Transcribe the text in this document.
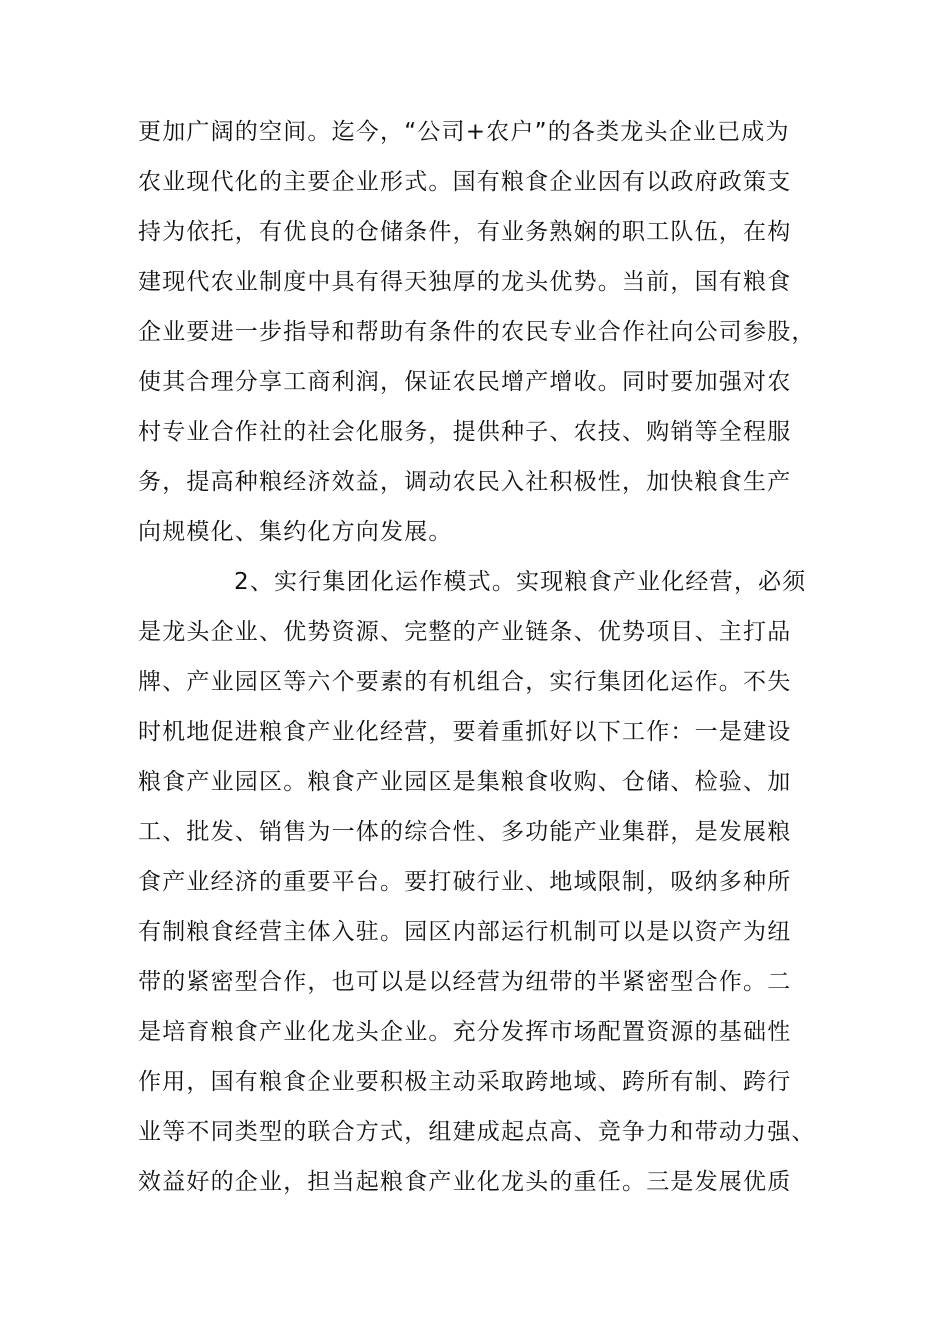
更加广阔的空间。迄今，“公司+农户”的各类龙头企业已成为
农业现代化的主要企业形式。国有粮食企业因有以政府政策支
持为依托，有优良的仓储条件，有业务熟娴的职工队伍，在构
建现代农业制度中具有得天独厚的龙头优势。当前，国有粮食
企业要进一步指导和帮助有条件的农民专业合作社向公司参股，
使其合理分享工商利润，保证农民增产增收。同时要加强对农
村专业合作社的社会化服务，提供种子、农技、购销等全程服
务，提高种粮经济效益，调动农民入社积极性，加快粮食生产
向规模化、集约化方向发展。
2、实行集团化运作模式。实现粮食产业化经营，必须
是龙头企业、优势资源、完整的产业链条、优势项目、主打品
牌、产业园区等六个要素的有机组合，实行集团化运作。不失
时机地促进粮食产业化经营，要着重抓好以下工作：一是建设
粮食产业园区。粮食产业园区是集粮食收购、仓储、检验、加
工、批发、销售为一体的综合性、多功能产业集群，是发展粮
食产业经济的重要平台。要打破行业、地域限制，吸纳多种所
有制粮食经营主体入驻。园区内部运行机制可以是以资产为纽
带的紧密型合作，也可以是以经营为纽带的半紧密型合作。二
是培育粮食产业化龙头企业。充分发挥市场配置资源的基础性
作用，国有粮食企业要积极主动采取跨地域、跨所有制、跨行
业等不同类型的联合方式，组建成起点高、竞争力和带动力强、
效益好的企业，担当起粮食产业化龙头的重任。三是发展优质
